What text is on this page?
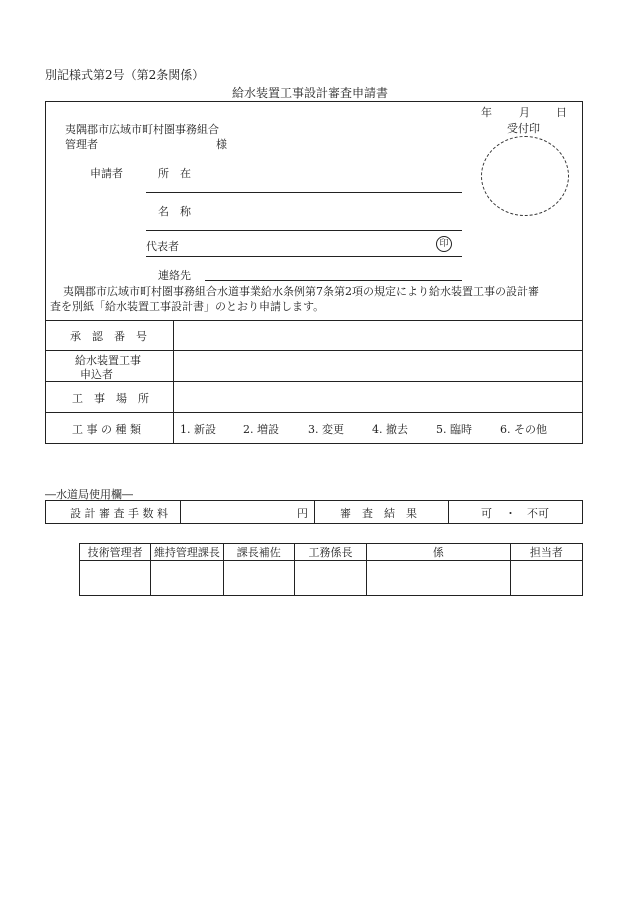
別記様式第2号（第2条関係）
給水装置工事設計審査申請書
年 月 日
受付印
夷隅郡市広域市町村圏事務組合
管理者	様
申請者	所　在
名　称
代表者	印
連絡先
夷隅郡市広域市町村圏事務組合水道事業給水条例第7条第2項の規定により給水装置工事の設計審
査を別紙「給水装置工事設計書」のとおり申請します。
承　認　番　号
給水装置工事
申込者
工　事　場　所
工 事 の 種 類	1. 新設 2. 増設	3. 変更	4. 撤去	5. 臨時	6. その他
―水道局使用欄―
設 計 審 査 手 数 料	円	審　査　結　果	可 ・ 不可
技術管理者	維持管理課長	課長補佐	工務係長	係	担当者
